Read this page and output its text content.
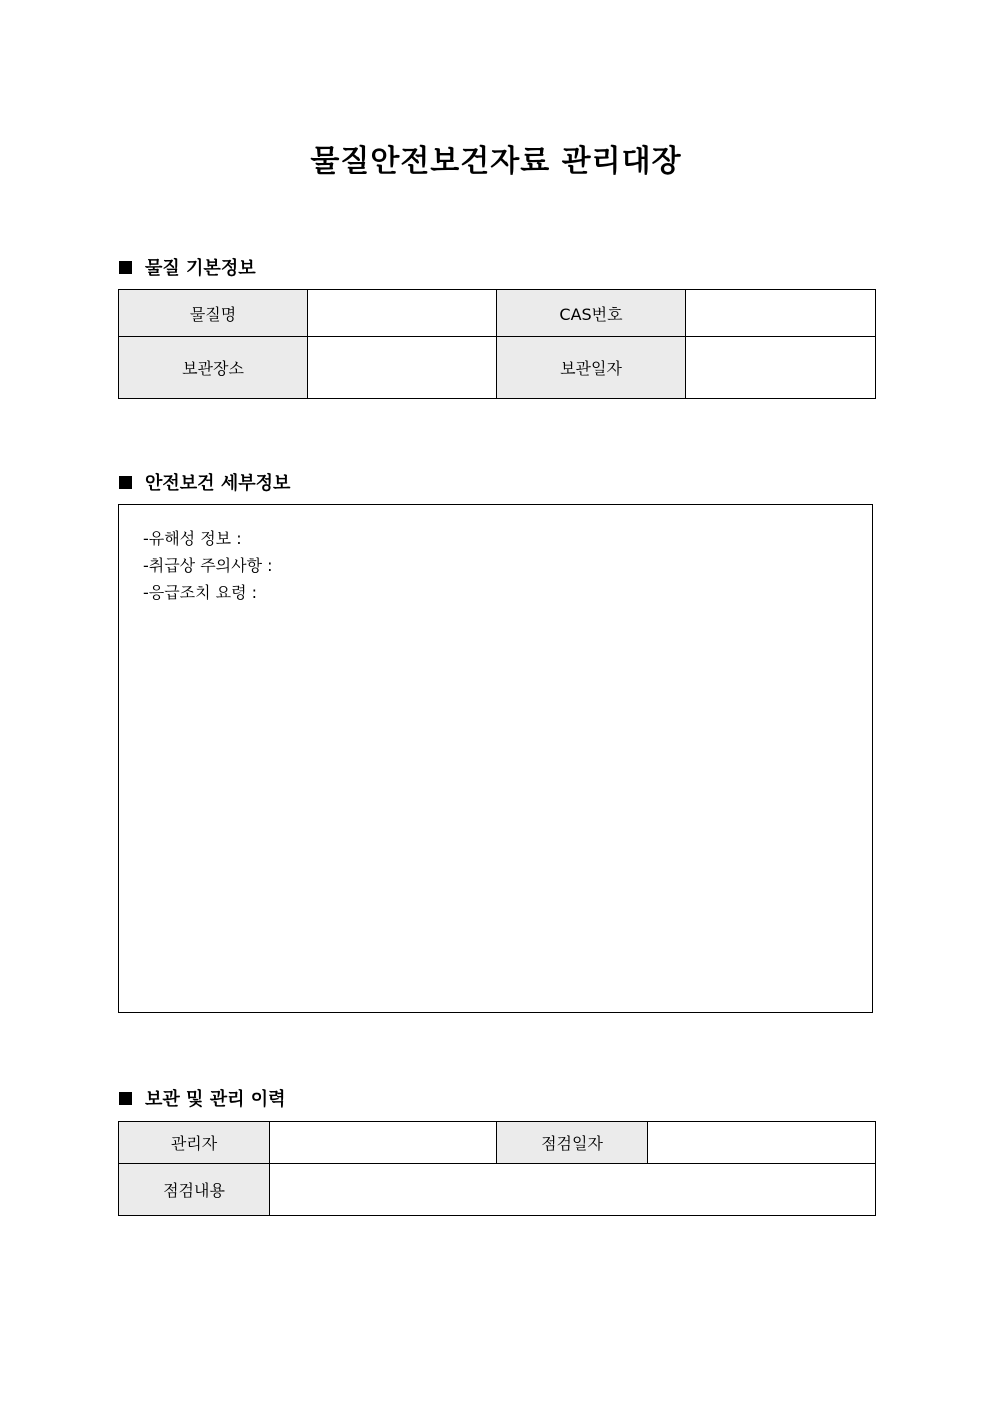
물질안전보건자료 관리대장
물질 기본정보
물질명		CAS번호	
보관장소		보관일자	
안전보건 세부정보
-유해성 정보 :
-취급상 주의사항 :
-응급조치 요령 :
보관 및 관리 이력
관리자		점검일자	
점검내용			
